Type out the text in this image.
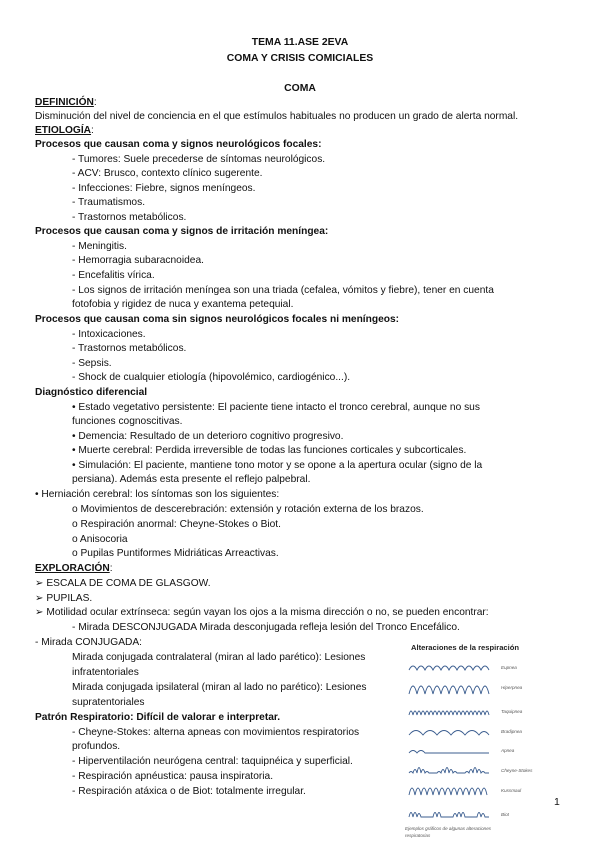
TEMA 11.ASE 2EVA
COMA Y CRISIS COMICIALES
COMA
DEFINICIÓN:
Disminución del nivel de conciencia en el que estímulos habituales no producen un grado de alerta normal.
ETIOLOGÍA:
Procesos que causan coma y signos neurológicos focales:
- Tumores: Suele precederse de síntomas neurológicos.
- ACV: Brusco, contexto clínico sugerente.
- Infecciones: Fiebre, signos meníngeos.
- Traumatismos.
- Trastornos metabólicos.
Procesos que causan coma y signos de irritación meníngea:
- Meningitis.
- Hemorragia subaracnoidea.
- Encefalitis vírica.
- Los signos de irritación meníngea son una triada (cefalea, vómitos y fiebre), tener en cuenta
fotofobia y rigidez de nuca y exantema petequial.
Procesos que causan coma sin signos neurológicos focales ni meníngeos:
- Intoxicaciones.
- Trastornos metabólicos.
- Sepsis.
- Shock de cualquier etiología (hipovolémico, cardiogénico...).
Diagnóstico diferencial
• Estado vegetativo persistente: El paciente tiene intacto el tronco cerebral, aunque no sus
funciones cognoscitivas.
• Demencia: Resultado de un deterioro cognitivo progresivo.
• Muerte cerebral: Perdida irreversible de todas las funciones corticales y subcorticales.
• Simulación: El paciente, mantiene tono motor y se opone a la apertura ocular (signo de la
persiana). Además esta presente el reflejo palpebral.
• Herniación cerebral: los síntomas son los siguientes:
o Movimientos de descerebración: extensión y rotación externa de los brazos.
o Respiración anormal: Cheyne-Stokes o Biot.
o Anisocoria
o Pupilas Puntiformes Midriáticas Arreactivas.
EXPLORACIÓN:
➢ ESCALA DE COMA DE GLASGOW.
➢ PUPILAS.
➢ Motilidad ocular extrínseca: según vayan los ojos a la misma dirección o no, se pueden encontrar:
- Mirada DESCONJUGADA Mirada desconjugada refleja lesión del Tronco Encefálico.
- Mirada CONJUGADA:
Mirada conjugada contralateral (miran al lado parético): Lesiones
infratentoriales
Mirada conjugada ipsilateral (miran al lado no parético): Lesiones
supratentoriales
Patrón Respiratorio: Difícil de valorar e interpretar.
- Cheyne-Stokes: alterna apneas con movimientos respiratorios
profundos.
- Hiperventilación neurógena central: taquipnéica y superficial.
- Respiración apnéustica: pausa inspiratoria.
- Respiración atáxica o de Biot: totalmente irregular.
Alteraciones de la respiración
Eupnea
Hiperpnea
Taquipnea
Bradipnea
Apnea
Cheyne-Stokes
Kussmaul
Biot
Ejemplos gráficos de algunas alteraciones
respiratorias
1
